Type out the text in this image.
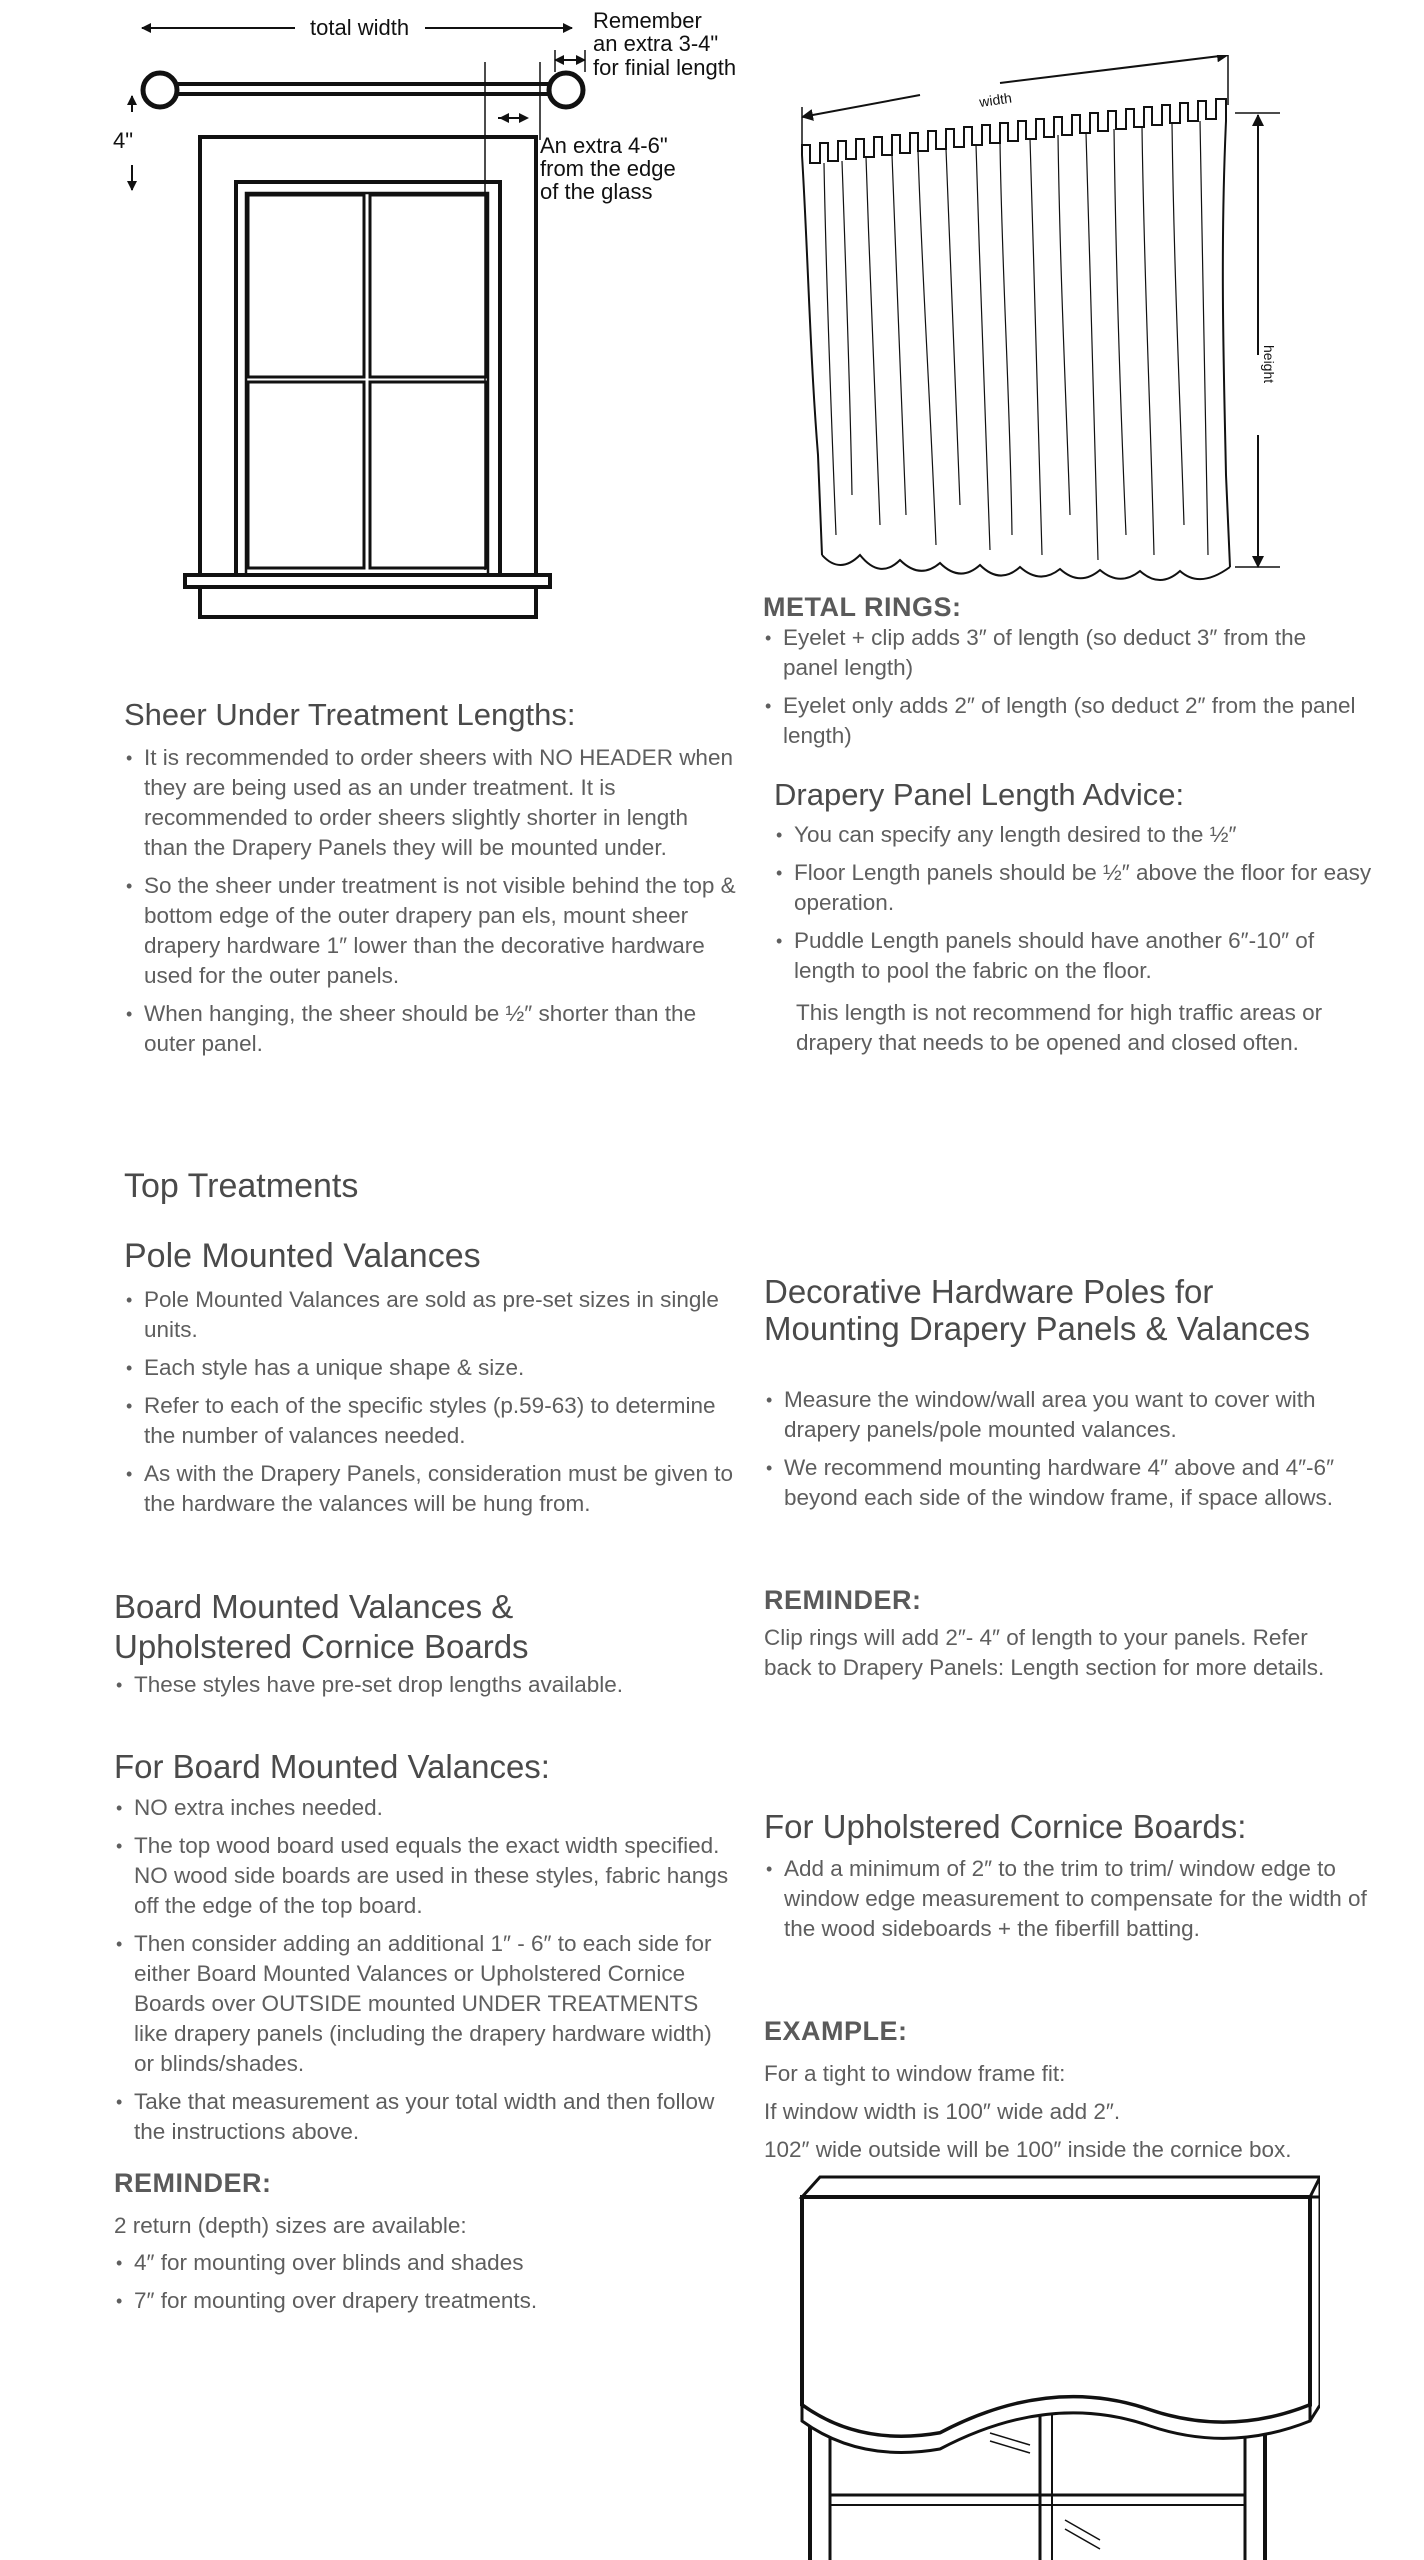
total width	Remember
an extra 3-4"
for finial length
4"	An extra 4-6"
from the edge
of the glass
width
height
METAL RINGS:
• Eyelet + clip adds 3″ of length (so deduct 3″ from the panel length)
• Eyelet only adds 2″ of length (so deduct 2″ from the panel length)
Sheer Under Treatment Lengths:
• It is recommended to order sheers with NO HEADER when they are being used as an under treatment. It is recommended to order sheers slightly shorter in length than the Drapery Panels they will be mounted under.
• So the sheer under treatment is not visible behind the top & bottom edge of the outer drapery pan els, mount sheer drapery hardware 1″ lower than the decorative hardware used for the outer panels.
• When hanging, the sheer should be ½″ shorter than the outer panel.
Drapery Panel Length Advice:
• You can specify any length desired to the ½″
• Floor Length panels should be ½″ above the floor for easy operation.
• Puddle Length panels should have another 6″-10″ of length to pool the fabric on the floor.

This length is not recommend for high traffic areas or drapery that needs to be opened and closed often.

Top Treatments
Pole Mounted Valances
• Pole Mounted Valances are sold as pre-set sizes in single units.
• Each style has a unique shape & size.
• Refer to each of the specific styles (p.59-63) to determine the number of valances needed.
• As with the Drapery Panels, consideration must be given to the hardware the valances will be hung from.
Decorative Hardware Poles for Mounting Drapery Panels & Valances
• Measure the window/wall area you want to cover with drapery panels/pole mounted valances.
• We recommend mounting hardware 4″ above and 4″-6″ beyond each side of the window frame, if space allows.
Board Mounted Valances & Upholstered Cornice Boards
• These styles have pre-set drop lengths available.
REMINDER:

Clip rings will add 2″- 4″ of length to your panels. Refer back to Drapery Panels: Length section for more details.

For Board Mounted Valances:
• NO extra inches needed.
• The top wood board used equals the exact width specified. NO wood side boards are used in these styles, fabric hangs off the edge of the top board.
• Then consider adding an additional 1″ - 6″ to each side for either Board Mounted Valances or Upholstered Cornice Boards over OUTSIDE mounted UNDER TREATMENTS like drapery panels (including the drapery hardware width) or blinds/shades.
• Take that measurement as your total width and then follow the instructions above.
For Upholstered Cornice Boards:
• Add a minimum of 2″ to the trim to trim/ window edge to window edge measurement to compensate for the width of the wood sideboards + the fiberfill batting.
REMINDER:

2 return (depth) sizes are available:

• 4″ for mounting over blinds and shades
• 7″ for mounting over drapery treatments.
EXAMPLE:

For a tight to window frame fit:

If window width is 100″ wide add 2″.

102″ wide outside will be 100″ inside the cornice box.
